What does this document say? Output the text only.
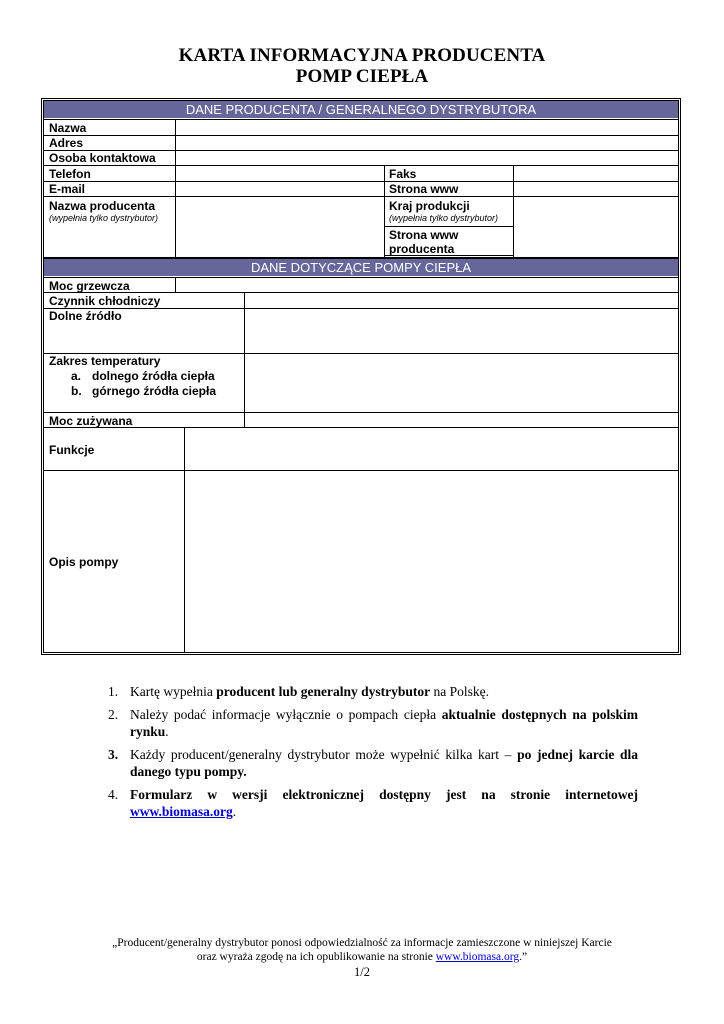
KARTA INFORMACYJNA PRODUCENTA
POMP CIEPŁA
DANE PRODUCENTA / GENERALNEGO DYSTRYBUTORA
Nazwa
Adres
Osoba kontaktowa
Telefon	Faks
E-mail	Strona www
Nazwa producenta
(wypełnia tylko dystrybutor)
Kraj produkcji
(wypełnia tylko dystrybutor)
Strona www
producenta
DANE DOTYCZĄCE POMPY CIEPŁA
Moc grzewcza
Czynnik chłodniczy
Dolne źródło
Zakres temperatury
a. dolnego źródła ciepła
b. górnego źródła ciepła
Moc zużywana
Funkcje
Opis pompy
1. Kartę wypełnia producent lub generalny dystrybutor na Polskę.
2. Należy podać informacje wyłącznie o pompach ciepła aktualnie dostępnych na polskim rynku.
3. Każdy producent/generalny dystrybutor może wypełnić kilka kart – po jednej karcie dla danego typu pompy.
4. Formularz w wersji elektronicznej dostępny jest na stronie internetowej www.biomasa.org.
„Producent/generalny dystrybutor ponosi odpowiedzialność za informacje zamieszczone w niniejszej Karcie
oraz wyraża zgodę na ich opublikowanie na stronie www.biomasa.org.”
1/2
